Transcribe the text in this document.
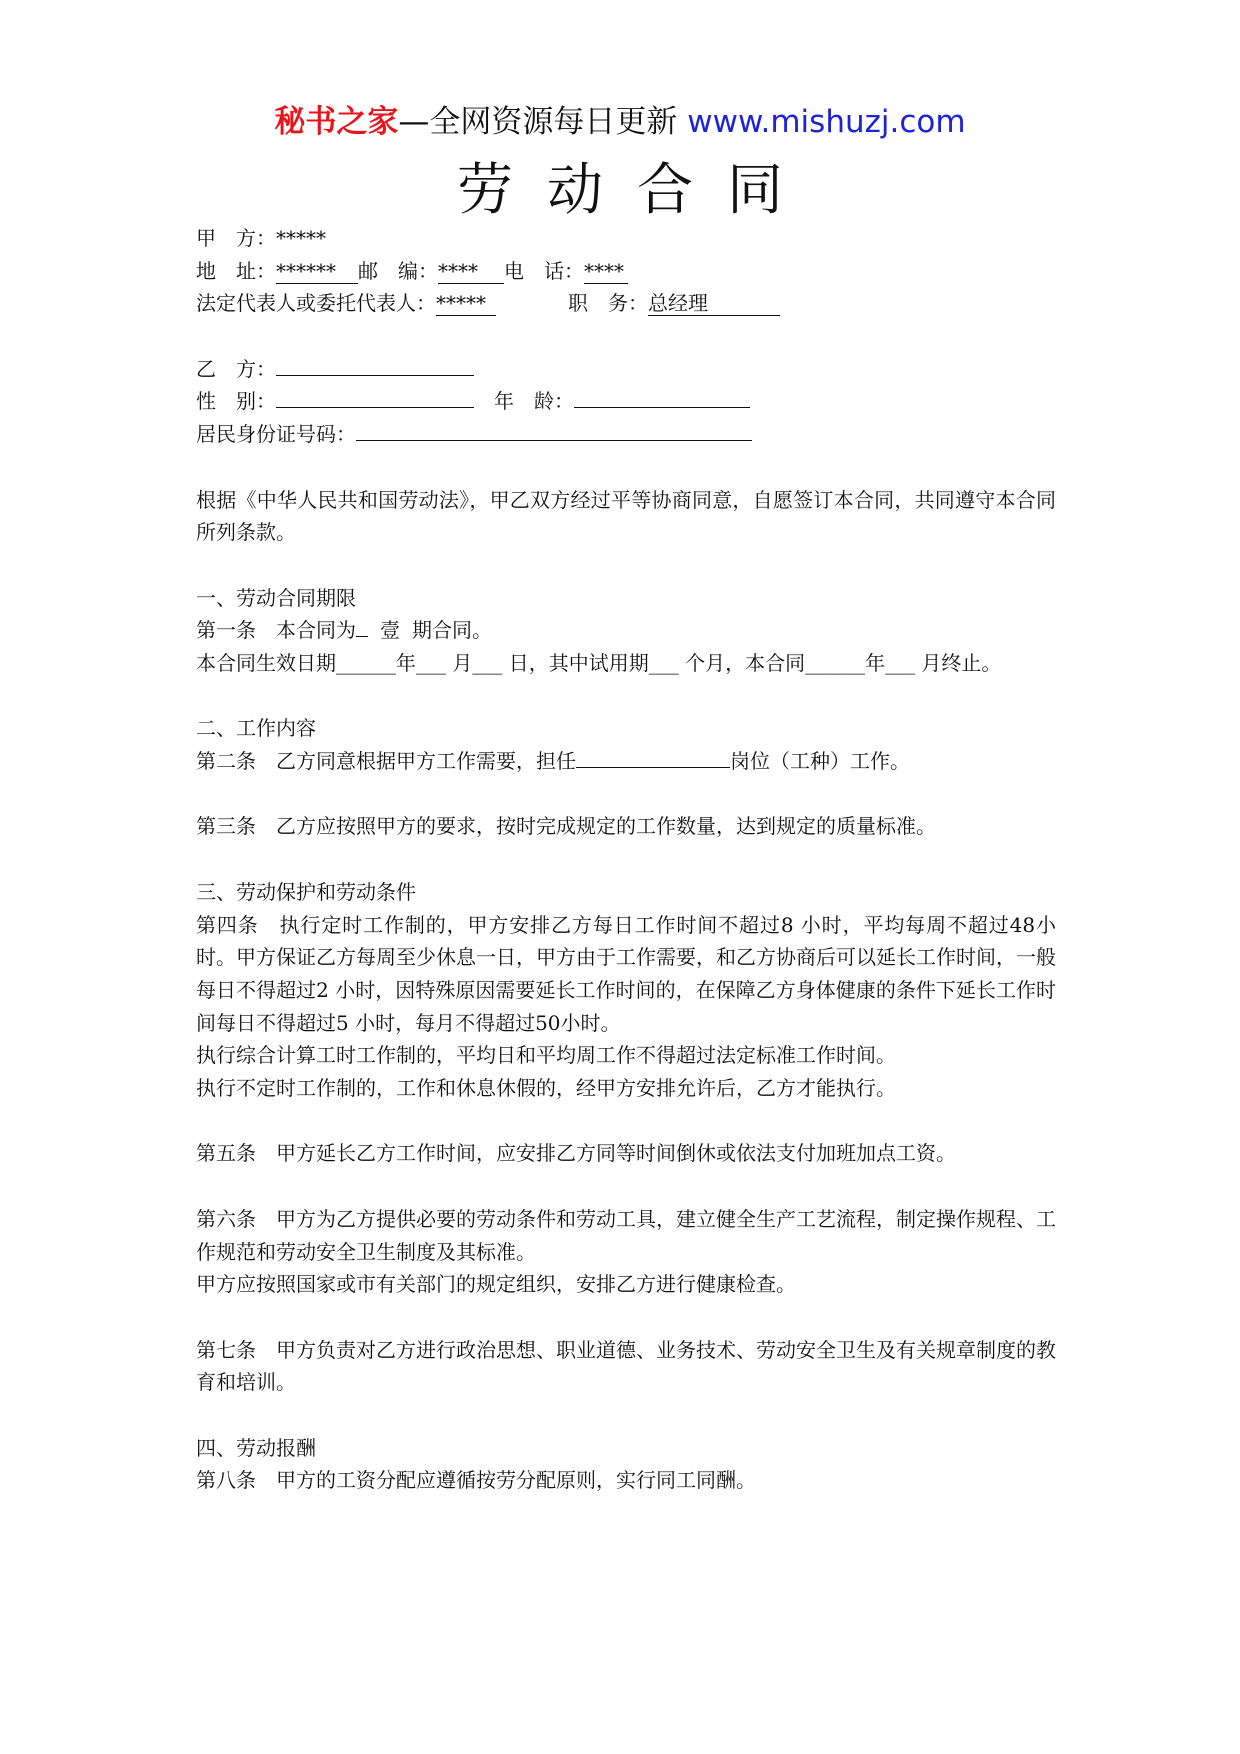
秘书之家—全网资源每日更新 www.mishuzj.com
劳动合同
甲　方：*****
地　址：****** 邮　编：**** 电　话：****
法定代表人或委托代表人：*****	职　务：总经理
乙　方：
性　别：	年　龄：
居民身份证号码：
根据《中华人民共和国劳动法》，甲乙双方经过平等协商同意，自愿签订本合同，共同遵守本合同所列条款。
一、劳动合同期限
第一条　本合同为 壹 期合同。
本合同生效日期______年___ 月___ 日，其中试用期___ 个月，本合同______年___ 月终止。
二、工作内容
第二条　乙方同意根据甲方工作需要，担任	岗位（工种）工作。
第三条　乙方应按照甲方的要求，按时完成规定的工作数量，达到规定的质量标准。
三、劳动保护和劳动条件
第四条　执行定时工作制的，甲方安排乙方每日工作时间不超过8 小时，平均每周不超过48小时。甲方保证乙方每周至少休息一日，甲方由于工作需要，和乙方协商后可以延长工作时间，一般每日不得超过2 小时，因特殊原因需要延长工作时间的，在保障乙方身体健康的条件下延长工作时间每日不得超过5 小时，每月不得超过50小时。
执行综合计算工时工作制的，平均日和平均周工作不得超过法定标准工作时间。
执行不定时工作制的，工作和休息休假的，经甲方安排允许后，乙方才能执行。
第五条　甲方延长乙方工作时间，应安排乙方同等时间倒休或依法支付加班加点工资。
第六条　甲方为乙方提供必要的劳动条件和劳动工具，建立健全生产工艺流程，制定操作规程、工作规范和劳动安全卫生制度及其标准。
甲方应按照国家或市有关部门的规定组织，安排乙方进行健康检查。
第七条　甲方负责对乙方进行政治思想、职业道德、业务技术、劳动安全卫生及有关规章制度的教育和培训。
四、劳动报酬
第八条　甲方的工资分配应遵循按劳分配原则，实行同工同酬。
